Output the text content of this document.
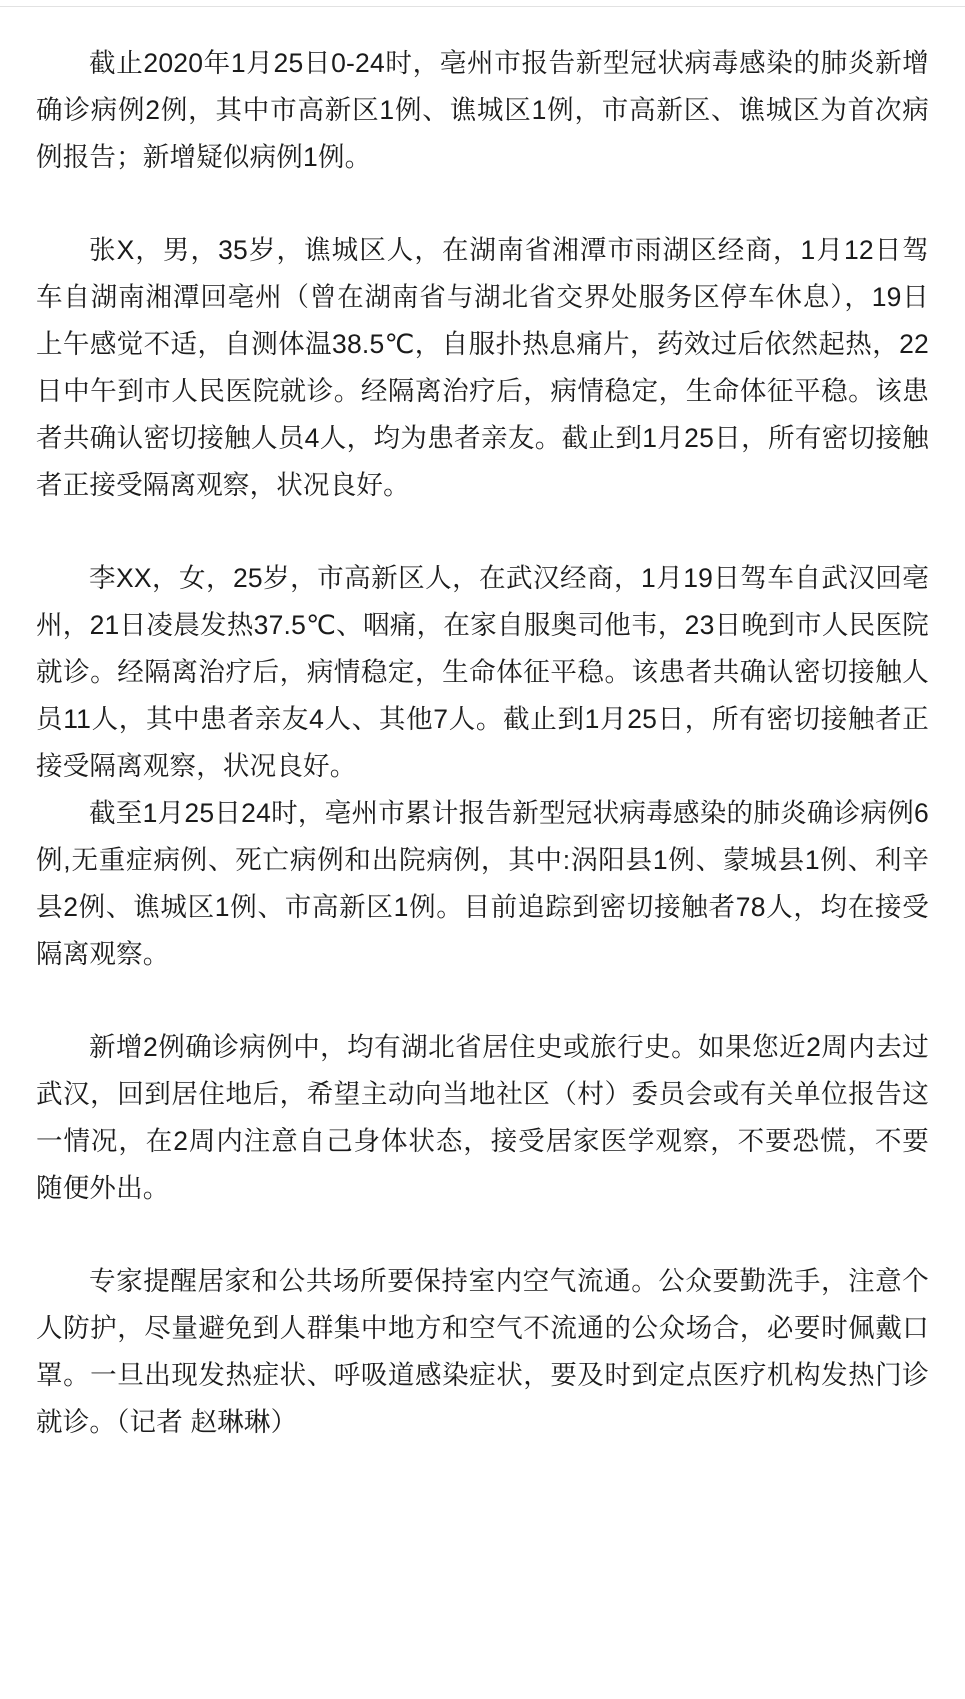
截止2020年1月25日0-24时，亳州市报告新型冠状病毒感染的肺炎新增确诊病例2例，其中市高新区1例、谯城区1例，市高新区、谯城区为首次病例报告；新增疑似病例1例。

张X，男，35岁，谯城区人，在湖南省湘潭市雨湖区经商，1月12日驾车自湖南湘潭回亳州（曾在湖南省与湖北省交界处服务区停车休息），19日上午感觉不适，自测体温38.5℃，自服扑热息痛片，药效过后依然起热，22日中午到市人民医院就诊。经隔离治疗后，病情稳定，生命体征平稳。该患者共确认密切接触人员4人，均为患者亲友。截止到1月25日，所有密切接触者正接受隔离观察，状况良好。

李XX，女，25岁，市高新区人，在武汉经商，1月19日驾车自武汉回亳州，21日凌晨发热37.5℃、咽痛，在家自服奥司他韦，23日晚到市人民医院就诊。经隔离治疗后，病情稳定，生命体征平稳。该患者共确认密切接触人员11人，其中患者亲友4人、其他7人。截止到1月25日，所有密切接触者正接受隔离观察，状况良好。

截至1月25日24时，亳州市累计报告新型冠状病毒感染的肺炎确诊病例6例,无重症病例、死亡病例和出院病例，其中:涡阳县1例、蒙城县1例、利辛县2例、谯城区1例、市高新区1例。目前追踪到密切接触者78人，均在接受隔离观察。

新增2例确诊病例中，均有湖北省居住史或旅行史。如果您近2周内去过武汉，回到居住地后，希望主动向当地社区（村）委员会或有关单位报告这一情况，在2周内注意自己身体状态，接受居家医学观察，不要恐慌，不要随便外出。

专家提醒居家和公共场所要保持室内空气流通。公众要勤洗手，注意个人防护，尽量避免到人群集中地方和空气不流通的公众场合，必要时佩戴口罩。一旦出现发热症状、呼吸道感染症状，要及时到定点医疗机构发热门诊就诊。（记者 赵琳琳）
